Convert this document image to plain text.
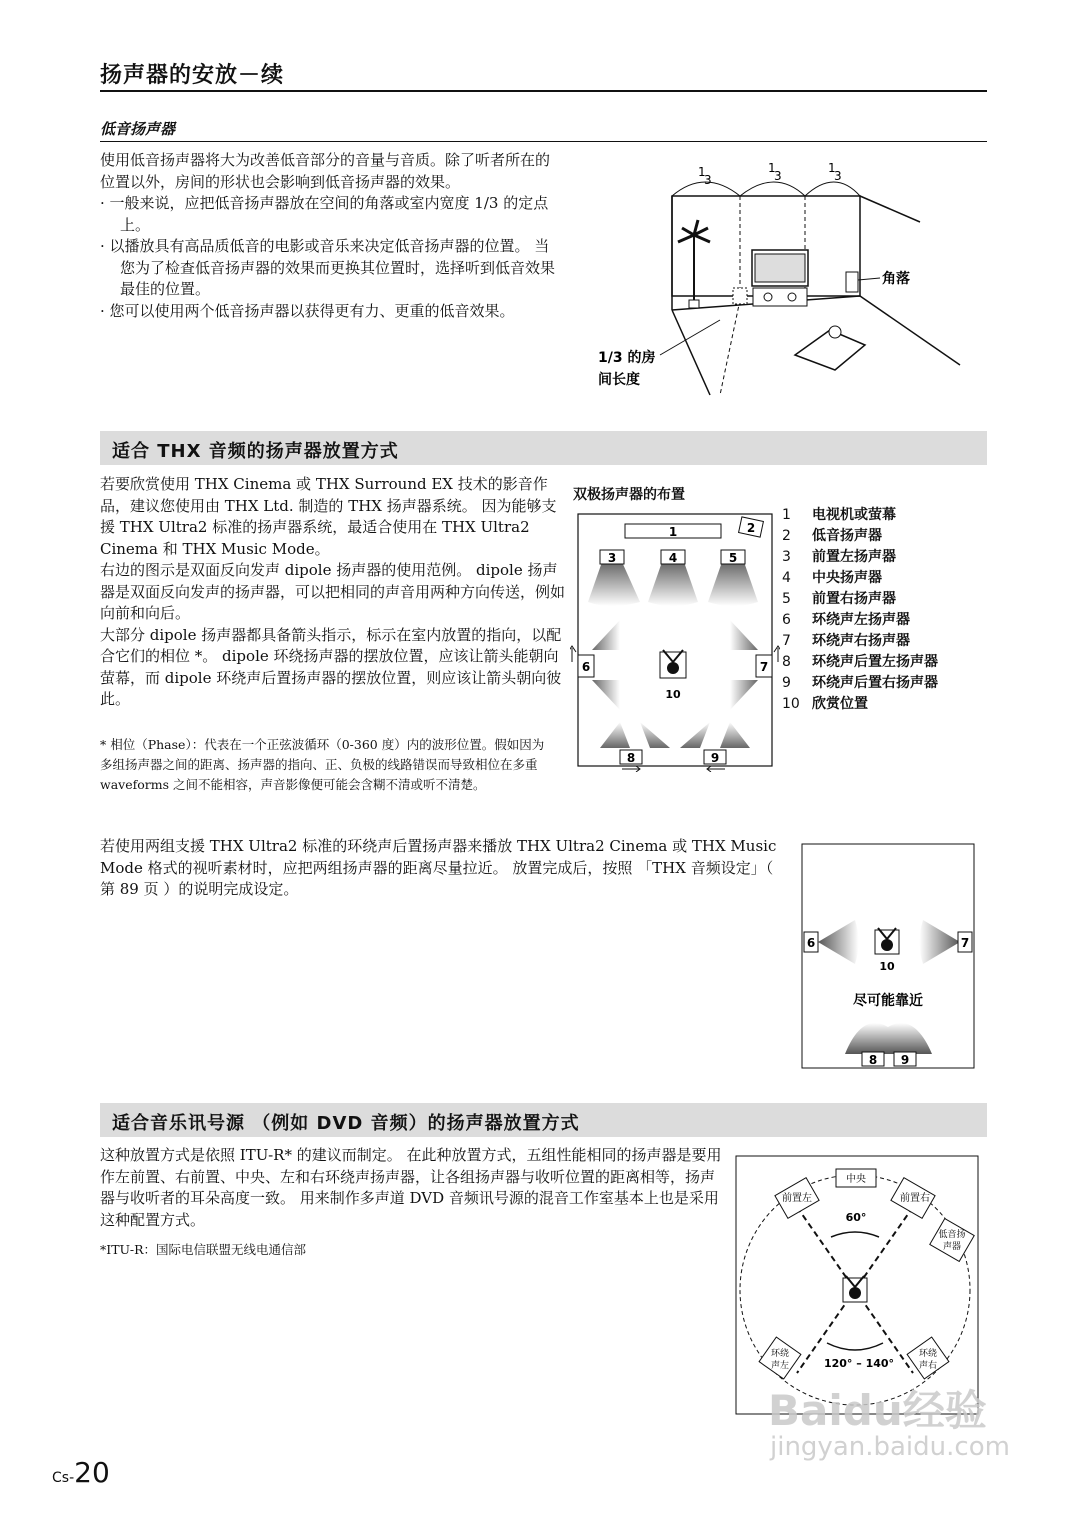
扬声器的安放－续
低音扬声器

使用低音扬声器将大为改善低音部分的音量与音质。除了听者所在的位置以外，房间的形状也会影响到低音扬声器的效果。

· 一般来说，应把低音扬声器放在空间的角落或室内宽度 1/3 的定点上。

· 以播放具有高品质低音的电影或音乐来决定低音扬声器的位置。 当您为了检查低音扬声器的效果而更换其位置时，选择听到低音效果最佳的位置。

· 您可以使用两个低音扬声器以获得更有力、更重的低音效果。

1
3
1
3
1
3
角落
1/3 的房
间长度
适合 THX 音频的扬声器放置方式

若要欣赏使用 THX Cinema 或 THX Surround EX 技术的影音作品，建议您使用由 THX Ltd. 制造的 THX 扬声器系统。 因为能够支援 THX Ultra2 标准的扬声器系统，最适合使用在 THX Ultra2 Cinema 和 THX Music Mode。

右边的图示是双面反向发声 dipole 扬声器的使用范例。 dipole 扬声器是双面反向发声的扬声器，可以把相同的声音用两种方向传送，例如向前和向后。

大部分 dipole 扬声器都具备箭头指示，标示在室内放置的指向，以配合它们的相位 *。 dipole 环绕扬声器的摆放位置，应该让箭头能朝向萤幕，而 dipole 环绕声后置扬声器的摆放位置，则应该让箭头朝向彼此。

* 相位（Phase）：代表在一个正弦波循环（0-360 度）内的波形位置。假如因为多组扬声器之间的距离、扬声器的指向、正、负极的线路错误而导致相位在多重 waveforms 之间不能相容，声音影像便可能会含糊不清或听不清楚。
若使用两组支援 THX Ultra2 标准的环绕声后置扬声器来播放 THX Ultra2 Cinema 或 THX Music Mode 格式的视听素材时，应把两组扬声器的距离尽量拉近。 放置完成后，按照 「THX 音频设定」（ 第 89 页 ）的说明完成设定。
双极扬声器的布置
1	2
3	4	5
6	7
10
8	9
1	电视机或萤幕
2	低音扬声器
3	前置左扬声器
4	中央扬声器
5	前置右扬声器
6	环绕声左扬声器
7	环绕声右扬声器
8	环绕声后置左扬声器
9	环绕声后置右扬声器
10 欣赏位置
6	7
10
尽可能靠近
8 9
适合音乐讯号源 （例如 DVD 音频）的扬声器放置方式
这种放置方式是依照 ITU-R* 的建议而制定。 在此种放置方式，五组性能相同的扬声器是要用作左前置、右前置、中央、左和右环绕声扬声器，让各组扬声器与收听位置的距离相等，扬声器与收听者的耳朵高度一致。 用来制作多声道 DVD 音频讯号源的混音工作室基本上也是采用这种配置方式。
*ITU-R：国际电信联盟无线电通信部
60°
120° – 140°
中央
前置左	前置右
低音扬
声器
环绕
声左
环绕
声右
Cs-20
Baidu经验
jingyan.baidu.com
